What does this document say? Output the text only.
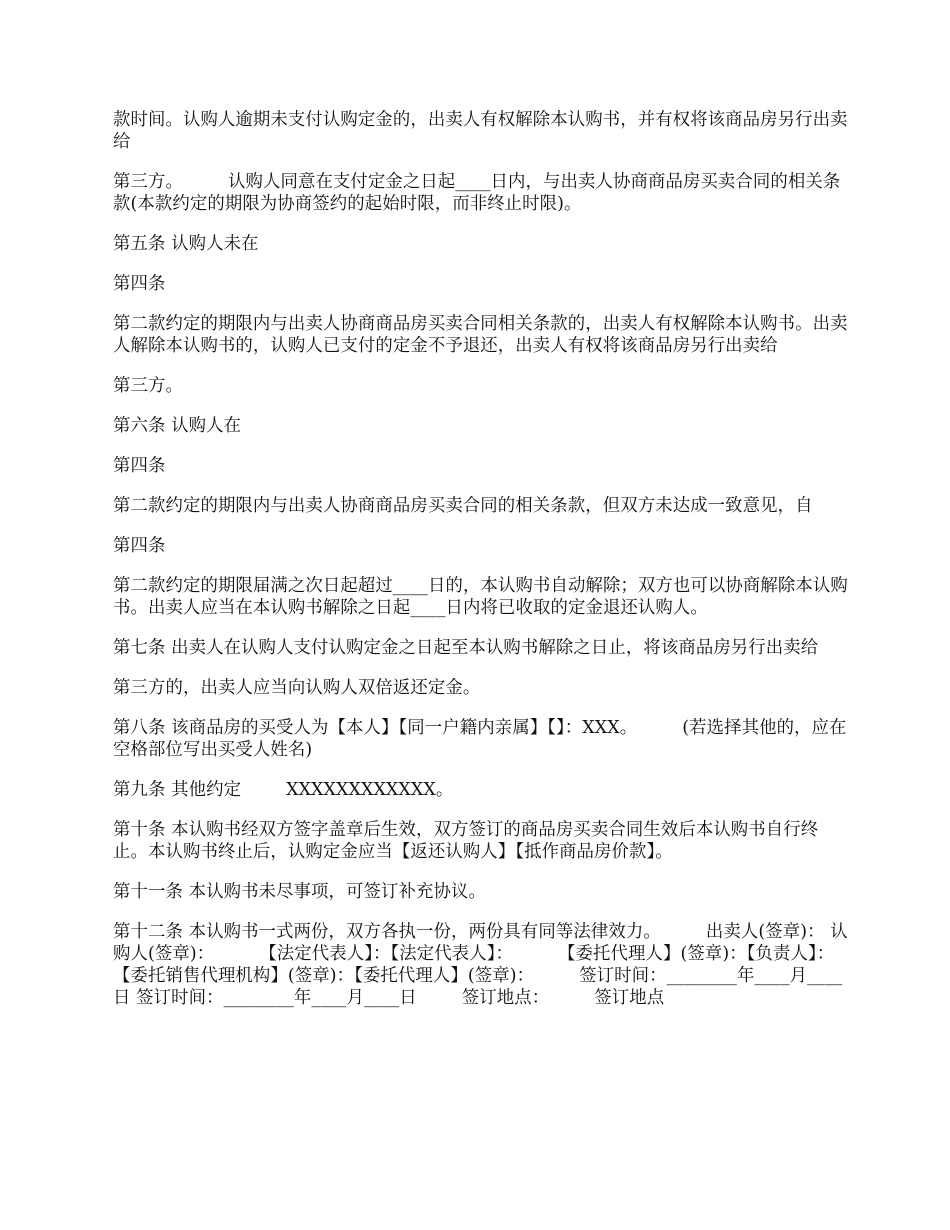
款时间。认购人逾期未支付认购定金的，出卖人有权解除本认购书，并有权将该商品房另行出卖给

第三方。        认购人同意在支付定金之日起____日内，与出卖人协商商品房买卖合同的相关条款(本款约定的期限为协商签约的起始时限，而非终止时限)。

第五条 认购人未在

第四条

第二款约定的期限内与出卖人协商商品房买卖合同相关条款的，出卖人有权解除本认购书。出卖人解除本认购书的，认购人已支付的定金不予退还，出卖人有权将该商品房另行出卖给

第三方。

第六条 认购人在

第四条

第二款约定的期限内与出卖人协商商品房买卖合同的相关条款，但双方未达成一致意见，自

第四条

第二款约定的期限届满之次日起超过____日的，本认购书自动解除；双方也可以协商解除本认购书。出卖人应当在本认购书解除之日起____日内将已收取的定金退还认购人。

第七条 出卖人在认购人支付认购定金之日起至本认购书解除之日止，将该商品房另行出卖给

第三方的，出卖人应当向认购人双倍返还定金。

第八条 该商品房的买受人为【本人】【同一户籍内亲属】【】：XXX。        (若选择其他的，应在空格部位写出买受人姓名)

第九条 其他约定        XXXXXXXXXXXX。

第十条 本认购书经双方签字盖章后生效，双方签订的商品房买卖合同生效后本认购书自行终止。本认购书终止后，认购定金应当【返还认购人】【抵作商品房价款】。

第十一条 本认购书未尽事项，可签订补充协议。

第十二条 本认购书一式两份，双方各执一份，两份具有同等法律效力。        出卖人(签章)： 认购人(签章)：        【法定代表人】：【法定代表人】：        【委托代理人】(签章)：【负责人】：        【委托销售代理机构】(签章)：【委托代理人】(签章)：        签订时间：________年____月____日 签订时间：________年____月____日        签订地点：        签订地点
